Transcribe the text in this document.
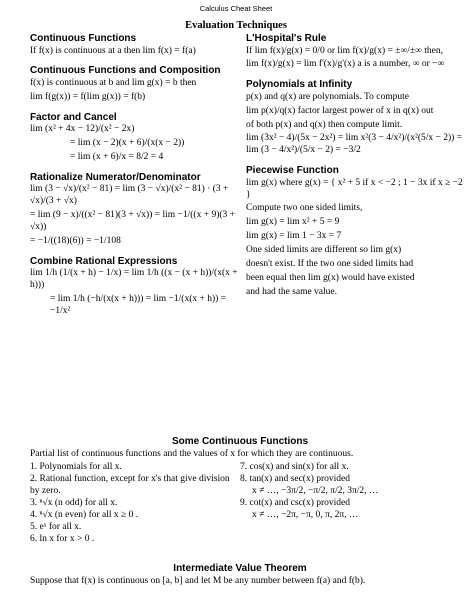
Calculus Cheat Sheet
Evaluation Techniques
Continuous Functions
If f(x) is continuous at a then lim f(x) = f(a)
Continuous Functions and Composition
f(x) is continuous at b and lim g(x) = b then
lim f(g(x)) = f(lim g(x)) = f(b)
Factor and Cancel
lim (x² + 4x − 12)/(x² − 2x)
= lim (x − 2)(x + 6)/(x(x − 2))
= lim (x + 6)/x = 8/2 = 4
Rationalize Numerator/Denominator
lim (3 − √x)/(x² − 81) = lim (3 − √x)/(x² − 81) · (3 + √x)/(3 + √x)
= lim (9 − x)/((x² − 81)(3 + √x)) = lim −1/((x + 9)(3 + √x))
= −1/((18)(6)) = −1/108
Combine Rational Expressions
lim 1/h (1/(x + h) − 1/x) = lim 1/h ((x − (x + h))/(x(x + h)))
= lim 1/h (−h/(x(x + h))) = lim −1/(x(x + h)) = −1/x²
L'Hospital's Rule
If lim f(x)/g(x) = 0/0 or lim f(x)/g(x) = ±∞/±∞ then,
lim f(x)/g(x) = lim f'(x)/g'(x) a is a number, ∞ or −∞
Polynomials at Infinity
p(x) and q(x) are polynomials. To compute
lim p(x)/q(x) factor largest power of x in q(x) out
of both p(x) and q(x) then compute limit.
lim (3x² − 4)/(5x − 2x²) = lim x²(3 − 4/x²)/(x²(5/x − 2)) = lim (3 − 4/x²)/(5/x − 2) = −3/2
Piecewise Function
lim g(x) where g(x) = { x² + 5 if x < −2 ; 1 − 3x if x ≥ −2 }
Compute two one sided limits,
lim g(x) = lim x² + 5 = 9
lim g(x) = lim 1 − 3x = 7
One sided limits are different so lim g(x)
doesn't exist. If the two one sided limits had
been equal then lim g(x) would have existed
and had the same value.
Some Continuous Functions
Partial list of continuous functions and the values of x for which they are continuous.
1. Polynomials for all x.
2. Rational function, except for x's that give division by zero.
3. ⁿ√x (n odd) for all x.
4. ⁿ√x (n even) for all x ≥ 0 .
5. eˣ for all x.
6. ln x for x > 0 .
7. cos(x) and sin(x) for all x.
8. tan(x) and sec(x) provided
x ≠ …, −3π/2, −π/2, π/2, 3π/2, …
9. cot(x) and csc(x) provided
x ≠ …, −2π, −π, 0, π, 2π, …
Intermediate Value Theorem
Suppose that f(x) is continuous on [a, b] and let M be any number between f(a) and f(b).
